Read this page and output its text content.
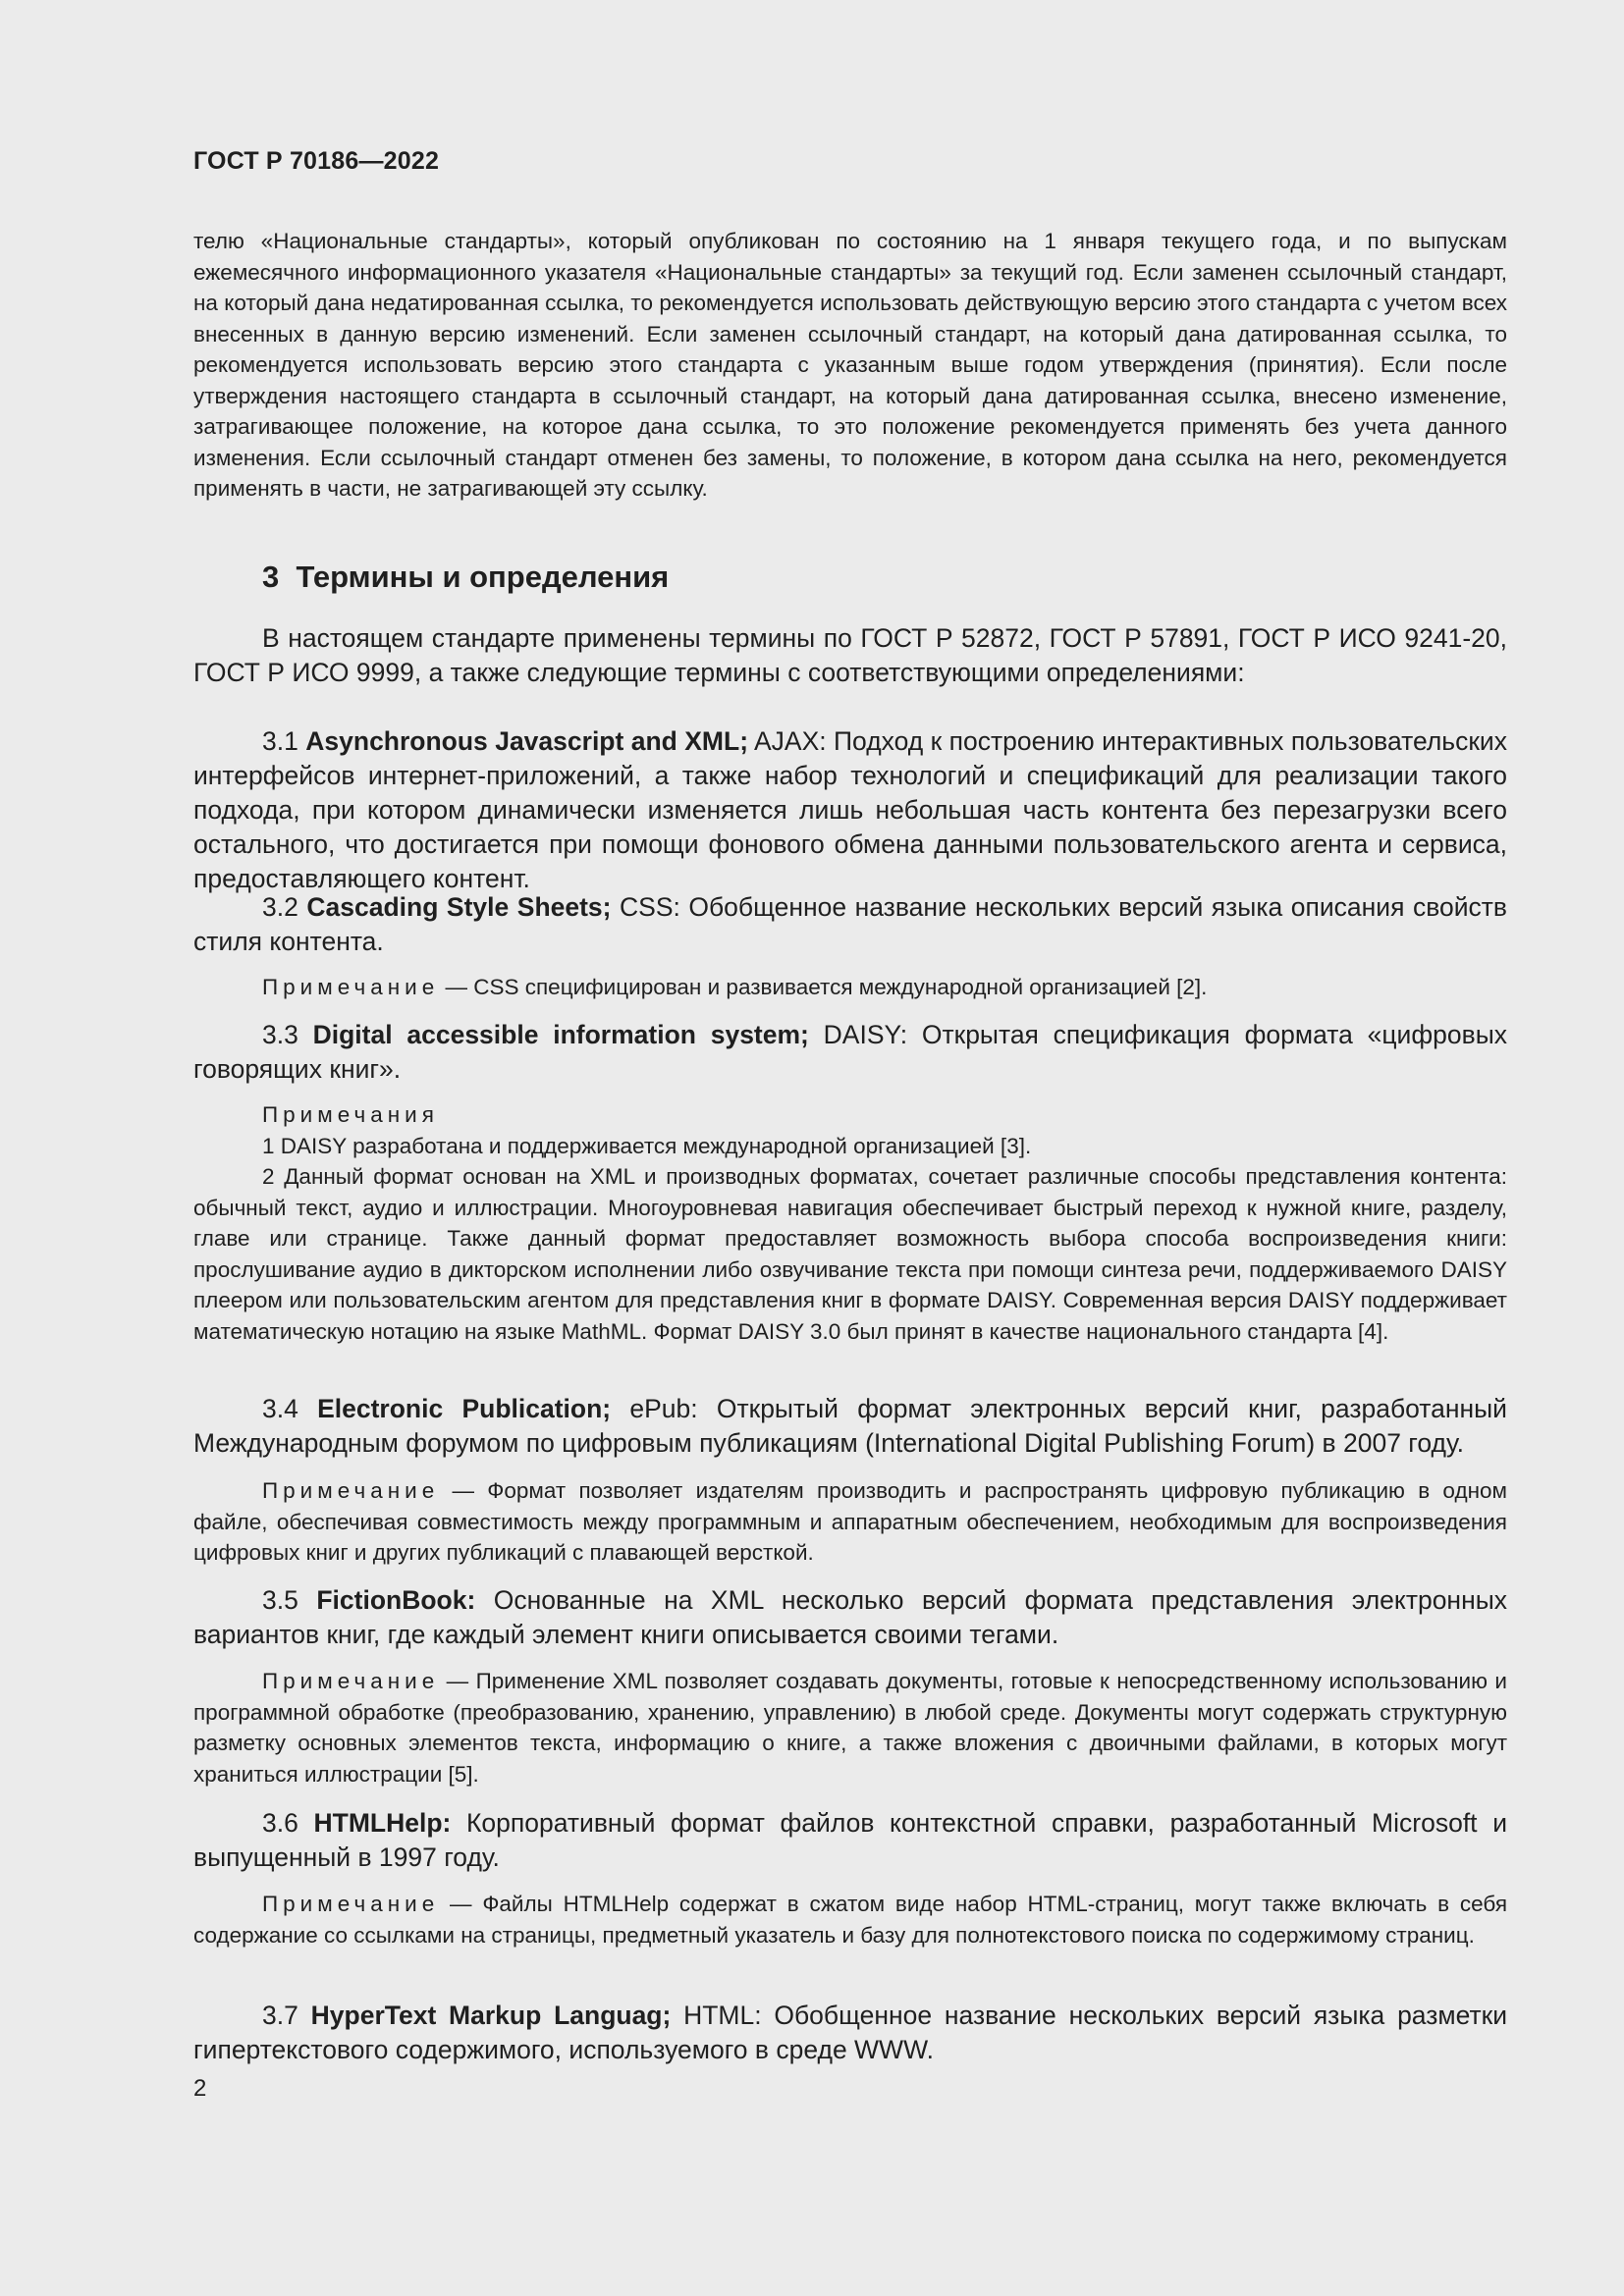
ГОСТ Р 70186—2022

телю «Национальные стандарты», который опубликован по состоянию на 1 января текущего года, и по выпускам ежемесячного информационного указателя «Национальные стандарты» за текущий год. Если заменен ссылочный стандарт, на который дана недатированная ссылка, то рекомендуется использовать действующую версию этого стандарта с учетом всех внесенных в данную версию изменений. Если заменен ссылочный стандарт, на который дана датированная ссылка, то рекомендуется использовать версию этого стандарта с указанным выше годом утверждения (принятия). Если после утверждения настоящего стандарта в ссылочный стандарт, на который дана датированная ссылка, внесено изменение, затрагивающее положение, на которое дана ссылка, то это положение рекомендуется применять без учета данного изменения. Если ссылочный стандарт отменен без замены, то положение, в котором дана ссылка на него, рекомендуется применять в части, не затрагивающей эту ссылку.

3 Термины и определения

В настоящем стандарте применены термины по ГОСТ Р 52872, ГОСТ Р 57891, ГОСТ Р ИСО 9241-20, ГОСТ Р ИСО 9999, а также следующие термины с соответствующими определениями:

3.1 Asynchronous Javascript and XML; AJAX: Подход к построению интерактивных пользовательских интерфейсов интернет-приложений, а также набор технологий и спецификаций для реализации такого подхода, при котором динамически изменяется лишь небольшая часть контента без перезагрузки всего остального, что достигается при помощи фонового обмена данными пользовательского агента и сервиса, предоставляющего контент.

3.2 Cascading Style Sheets; CSS: Обобщенное название нескольких версий языка описания свойств стиля контента.

Примечание — CSS специфицирован и развивается международной организацией [2].

3.3 Digital accessible information system; DAISY: Открытая спецификация формата «цифровых говорящих книг».

Примечания

1 DAISY разработана и поддерживается международной организацией [3].

2 Данный формат основан на XML и производных форматах, сочетает различные способы представления контента: обычный текст, аудио и иллюстрации. Многоуровневая навигация обеспечивает быстрый переход к нужной книге, разделу, главе или странице. Также данный формат предоставляет возможность выбора способа воспроизведения книги: прослушивание аудио в дикторском исполнении либо озвучивание текста при помощи синтеза речи, поддерживаемого DAISY плеером или пользовательским агентом для представления книг в формате DAISY. Современная версия DAISY поддерживает математическую нотацию на языке MathML. Формат DAISY 3.0 был принят в качестве национального стандарта [4].

3.4 Electronic Publication; ePub: Открытый формат электронных версий книг, разработанный Международным форумом по цифровым публикациям (International Digital Publishing Forum) в 2007 году.

Примечание — Формат позволяет издателям производить и распространять цифровую публикацию в одном файле, обеспечивая совместимость между программным и аппаратным обеспечением, необходимым для воспроизведения цифровых книг и других публикаций с плавающей версткой.

3.5 FictionBook: Основанные на XML несколько версий формата представления электронных вариантов книг, где каждый элемент книги описывается своими тегами.

Примечание — Применение XML позволяет создавать документы, готовые к непосредственному использованию и программной обработке (преобразованию, хранению, управлению) в любой среде. Документы могут содержать структурную разметку основных элементов текста, информацию о книге, а также вложения с двоичными файлами, в которых могут храниться иллюстрации [5].

3.6 HTMLHelp: Корпоративный формат файлов контекстной справки, разработанный Microsoft и выпущенный в 1997 году.

Примечание — Файлы HTMLHelp содержат в сжатом виде набор HTML-страниц, могут также включать в себя содержание со ссылками на страницы, предметный указатель и базу для полнотекстового поиска по содержимому страниц.

3.7 HyperText Markup Languag; HTML: Обобщенное название нескольких версий языка разметки гипертекстового содержимого, используемого в среде WWW.

2
